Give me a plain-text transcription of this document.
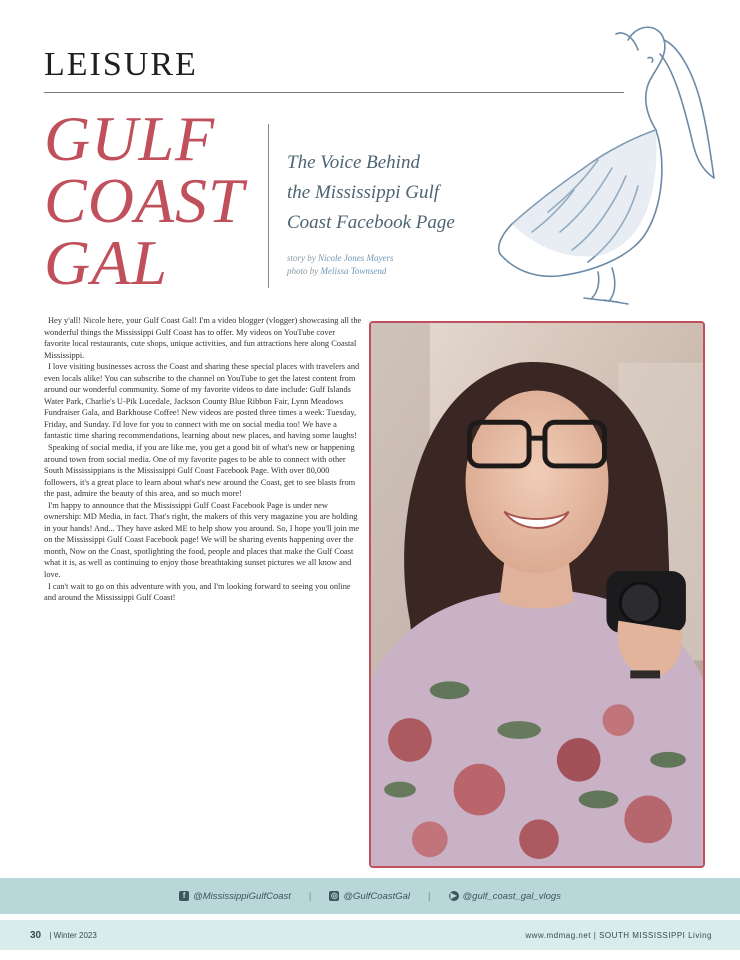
LEISURE
GULF
COAST
GAL
The Voice Behind
the Mississippi Gulf
Coast Facebook Page
story by Nicole Jones Mayers
photo by Melissa Townsend

Hey y'all! Nicole here, your Gulf Coast Gal! I'm a video blogger (vlogger) showcasing all the wonderful things the Mississippi Gulf Coast has to offer. My videos on YouTube cover favorite local restaurants, cute shops, unique activities, and fun attractions here along Coastal Mississippi.

I love visiting businesses across the Coast and sharing these special places with travelers and even locals alike! You can subscribe to the channel on YouTube to get the latest content from around our wonderful community. Some of my favorite videos to date include: Gulf Islands Water Park, Charlie's U-Pik Lucedale, Jackson County Blue Ribbon Fair, Lynn Meadows Fundraiser Gala, and Barkhouse Coffee! New videos are posted three times a week: Tuesday, Friday, and Sunday. I'd love for you to connect with me on social media too! We have a fantastic time sharing recommendations, learning about new places, and having some laughs!

Speaking of social media, if you are like me, you get a good bit of what's new or happening around town from social media. One of my favorite pages to be able to connect with other South Mississippians is the Mississippi Gulf Coast Facebook Page. With over 80,000 followers, it's a great place to learn about what's new around the Coast, get to see blasts from the past, admire the beauty of this area, and so much more!

I'm happy to announce that the Mississippi Gulf Coast Facebook Page is under new ownership: MD Media, in fact. That's right, the makers of this very magazine you are holding in your hands! And... They have asked ME to help show you around. So, I hope you'll join me on the Mississippi Gulf Coast Facebook page! We will be sharing events happening over the month, Now on the Coast, spotlighting the food, people and places that make the Gulf Coast what it is, as well as continuing to enjoy those breathtaking sunset pictures we all know and love.

I can't wait to go on this adventure with you, and I'm looking forward to seeing you online and around the Mississippi Gulf Coast!

f @MississippiGulfCoast | ◎ @GulfCoastGal | ▶ @gulf_coast_gal_vlogs
30 | Winter 2023	www.mdmag.net | SOUTH MISSISSIPPI Living
